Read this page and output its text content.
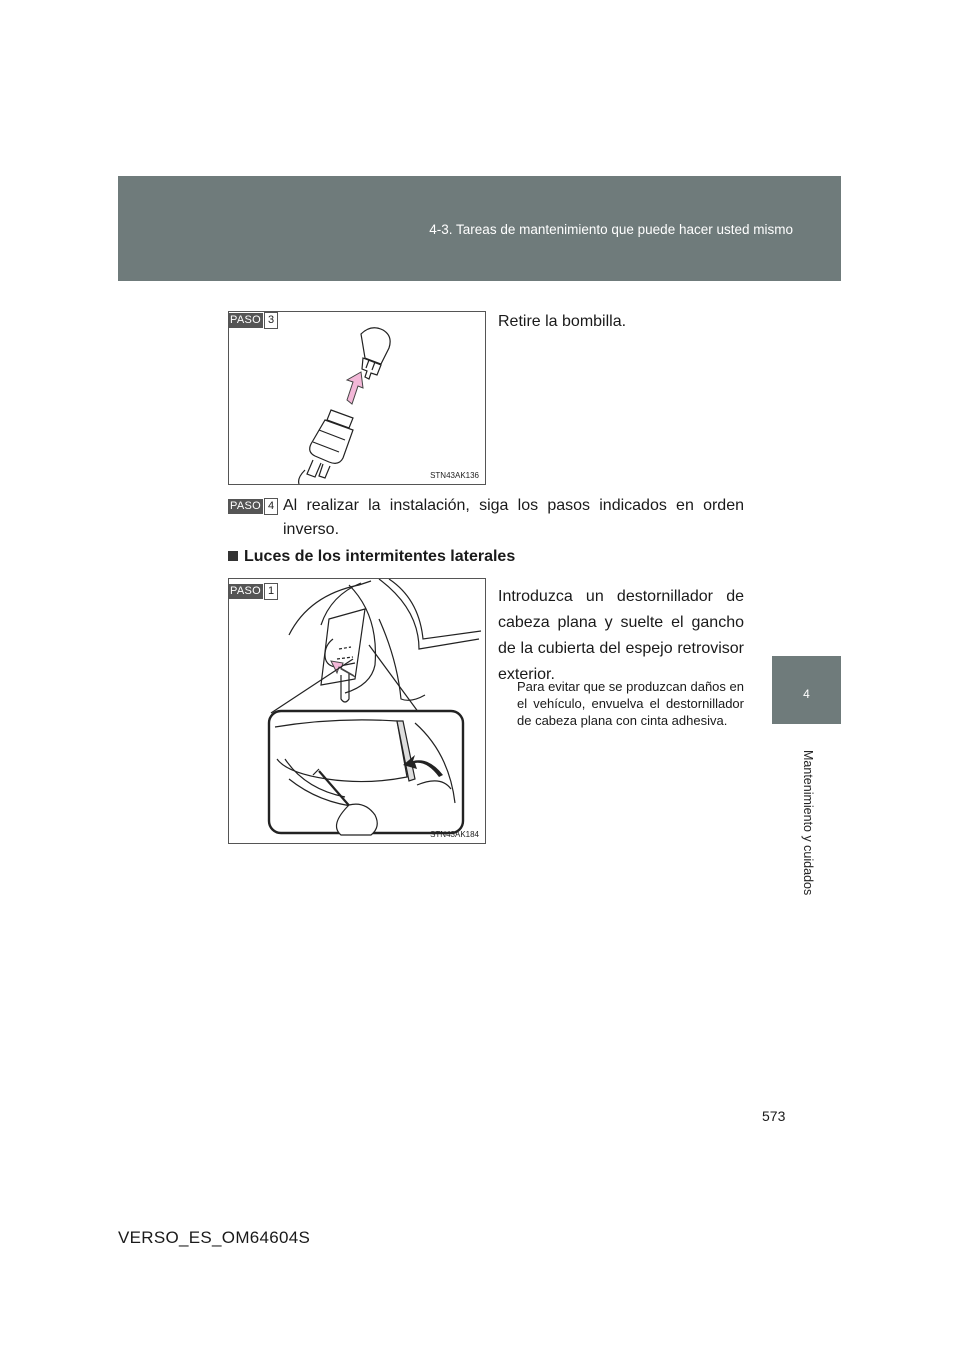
4-3. Tareas de mantenimiento que puede hacer usted mismo
4
Mantenimiento y cuidados
STN43AK136
PASO 3	Retire la bombilla.
PASO 4 Al realizar la instalación, siga los pasos indicados en orden inverso.
Luces de los intermitentes laterales
STN43AK184
PASO 1	Introduzca un destornillador de cabeza plana y suelte el gancho de la cubierta del espejo retrovisor exterior.
Para evitar que se produzcan daños en el vehículo, envuelva el destornillador de cabeza plana con cinta adhesiva.
573
VERSO_ES_OM64604S
